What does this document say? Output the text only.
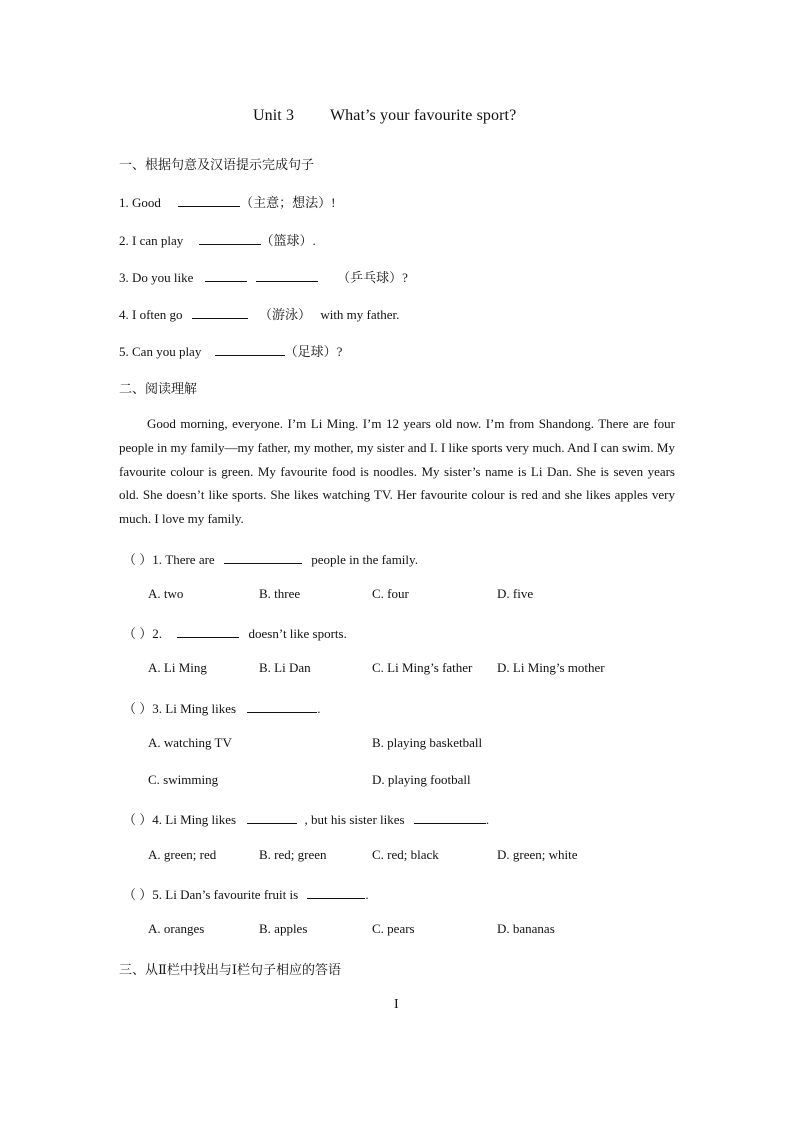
Unit 3 What’s your favourite sport?
一、根据句意及汉语提示完成句子
1. Good	（主意；想法）!
2. I can play	（篮球）.
3. Do you like	（乒乓球）?
4. I often go	（游泳） with my father.
5. Can you play	（足球）?
二、阅读理解
Good morning, everyone. I’m Li Ming. I’m 12 years old now. I’m from Shandong. There are four people in my family—my father, my mother, my sister and I. I like sports very much. And I can swim. My favourite colour is green. My favourite food is noodles. My sister’s name is Li Dan. She is seven years old. She doesn’t like sports. She likes watching TV. Her favourite colour is red and she likes apples very much. I love my family.
（ ）1. There are	people in the family.
A. two	B. three	C. four	D. five
（ ）2.	doesn’t like sports.
A. Li Ming	B. Li Dan	C. Li Ming’s father D. Li Ming’s mother
（ ）3. Li Ming likes	.
A. watching TV	B. playing basketball
C. swimming	D. playing football
（ ）4. Li Ming likes	, but his sister likes	.
A. green; red	B. red; green	C. red; black	D. green; white
（ ）5. Li Dan’s favourite fruit is	.
A. oranges	B. apples	C. pears	D. bananas
三、从Ⅱ栏中找出与Ⅰ栏句子相应的答语
I
